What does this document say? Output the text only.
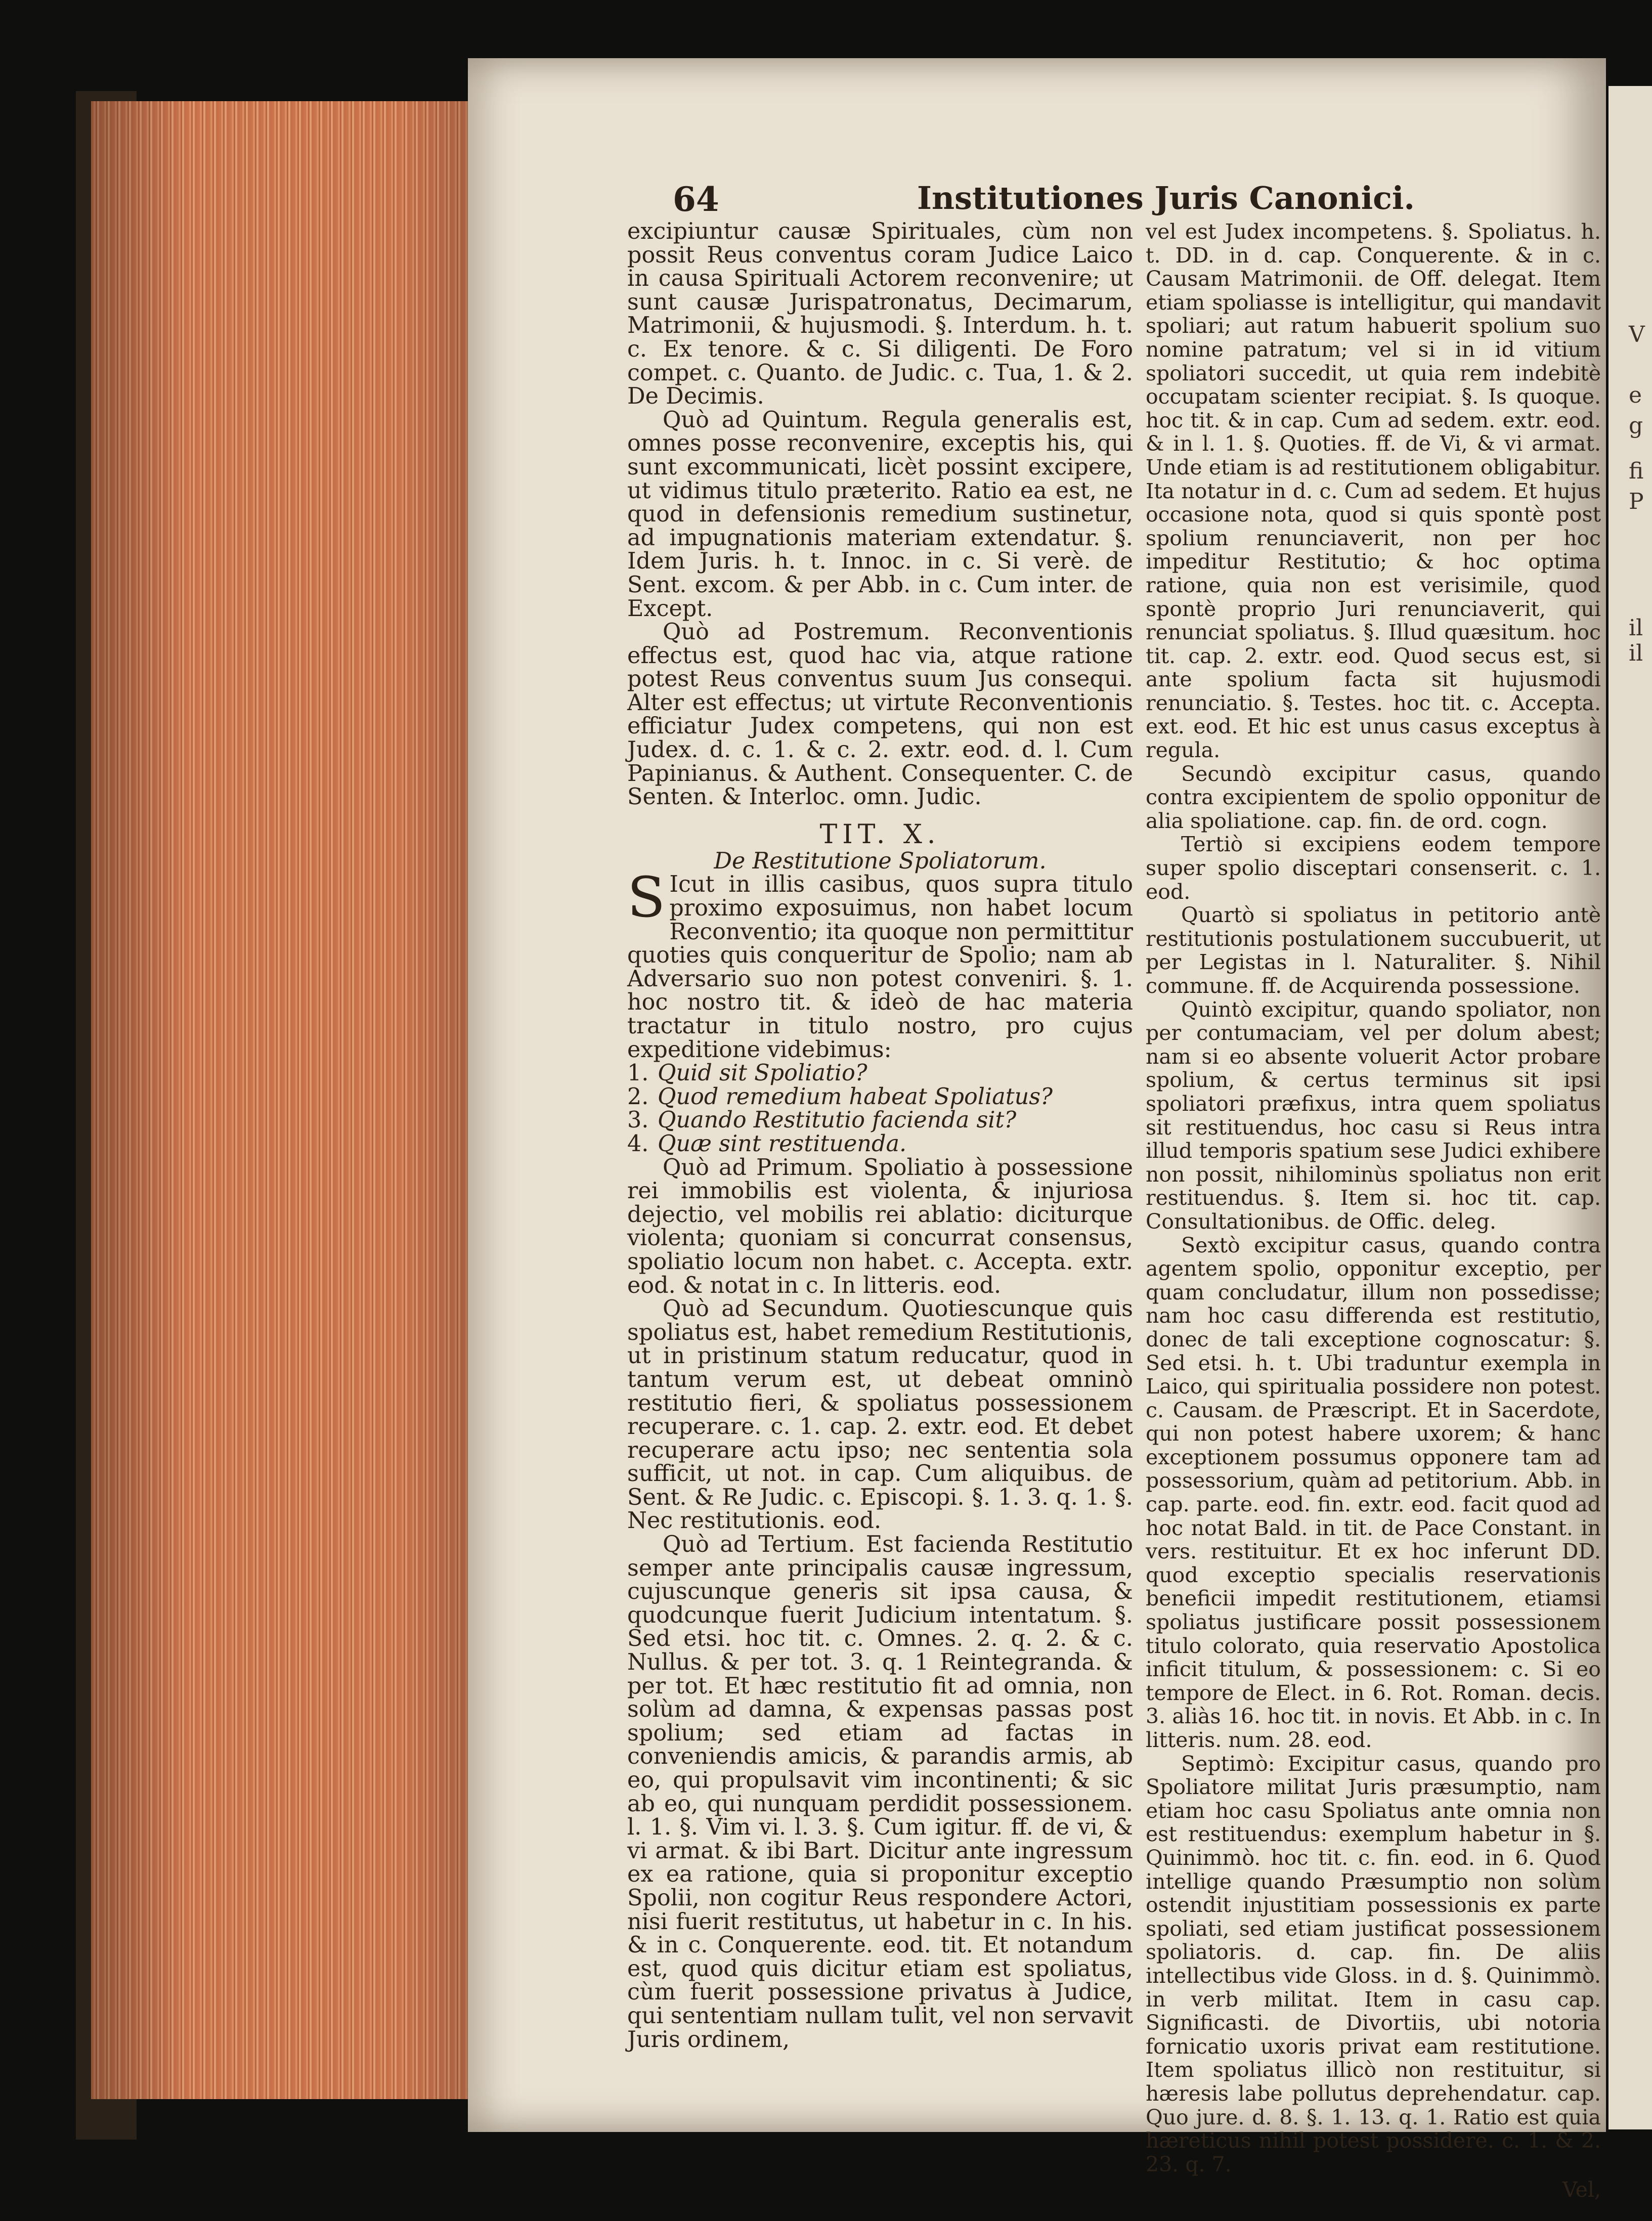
V
e
g
fi
P
il
il
64	Institutiones Juris Canonici.

excipiuntur causæ Spirituales, cùm non possit Reus conventus coram Judice Laico in causa Spirituali Actorem reconvenire; ut sunt causæ Jurispatronatus, Decimarum, Matrimonii, & hujusmodi. §. Interdum. h. t. c. Ex tenore. & c. Si diligenti. De Foro compet. c. Quanto. de Judic. c. Tua, 1. & 2. De Decimis.

Quò ad Quintum. Regula generalis est, omnes posse reconvenire, exceptis his, qui sunt excommunicati, licèt possint excipere, ut vidimus titulo præterito. Ratio ea est, ne quod in defensionis remedium sustinetur, ad impugnationis materiam extendatur. §. Idem Juris. h. t. Innoc. in c. Si verè. de Sent. excom. & per Abb. in c. Cum inter. de Except.

Quò ad Postremum. Reconventionis effectus est, quod hac via, atque ratione potest Reus conventus suum Jus consequi. Alter est effectus; ut virtute Reconventionis efficiatur Judex competens, qui non est Judex. d. c. 1. & c. 2. extr. eod. d. l. Cum Papinianus. & Authent. Consequenter. C. de Senten. & Interloc. omn. Judic.

TIT. X.

De Restitutione Spoliatorum.

S Icut in illis casibus, quos supra titulo proximo exposuimus, non habet locum Reconventio; ita quoque non permittitur quoties quis conqueritur de Spolio; nam ab Adversario suo non potest conveniri. §. 1. hoc nostro tit. & ideò de hac materia tractatur in titulo nostro, pro cujus expeditione videbimus:

1. Quid sit Spoliatio?
2. Quod remedium habeat Spoliatus?
3. Quando Restitutio facienda sit?
4. Quæ sint restituenda.

Quò ad Primum. Spoliatio à possessione rei immobilis est violenta, & injuriosa dejectio, vel mobilis rei ablatio: diciturque violenta; quoniam si concurrat consensus, spoliatio locum non habet. c. Accepta. extr. eod. & notat in c. In litteris. eod.

Quò ad Secundum. Quotiescunque quis spoliatus est, habet remedium Restitutionis, ut in pristinum statum reducatur, quod in tantum verum est, ut debeat omninò restitutio fieri, & spoliatus possessionem recuperare. c. 1. cap. 2. extr. eod. Et debet recuperare actu ipso; nec sententia sola sufficit, ut not. in cap. Cum aliquibus. de Sent. & Re Judic. c. Episcopi. §. 1. 3. q. 1. §. Nec restitutionis. eod.

Quò ad Tertium. Est facienda Restitutio semper ante principalis causæ ingressum, cujuscunque generis sit ipsa causa, & quodcunque fuerit Judicium intentatum. §. Sed etsi. hoc tit. c. Omnes. 2. q. 2. & c. Nullus. & per tot. 3. q. 1 Reintegranda. & per tot. Et hæc restitutio fit ad omnia, non solùm ad damna, & expensas passas post spolium; sed etiam ad factas in conveniendis amicis, & parandis armis, ab eo, qui propulsavit vim incontinenti; & sic ab eo, qui nunquam perdidit possessionem. l. 1. §. Vim vi. l. 3. §. Cum igitur. ff. de vi, & vi armat. & ibi Bart. Dicitur ante ingressum ex ea ratione, quia si proponitur exceptio Spolii, non cogitur Reus respondere Actori, nisi fuerit restitutus, ut habetur in c. In his. & in c. Conquerente. eod. tit. Et notandum est, quod quis dicitur etiam est spoliatus, cùm fuerit possessione privatus à Judice, qui sententiam nullam tulit, vel non servavit Juris ordinem,

vel est Judex incompetens. §. Spoliatus. h. t. DD. in d. cap. Conquerente. & in c. Causam Matrimonii. de Off. delegat. Item etiam spoliasse is intelligitur, qui mandavit spoliari; aut ratum habuerit spolium suo nomine patratum; vel si in id vitium spoliatori succedit, ut quia rem indebitè occupatam scienter recipiat. §. Is quoque. hoc tit. & in cap. Cum ad sedem. extr. eod. & in l. 1. §. Quoties. ff. de Vi, & vi armat. Unde etiam is ad restitutionem obligabitur. Ita notatur in d. c. Cum ad sedem. Et hujus occasione nota, quod si quis spontè post spolium renunciaverit, non per hoc impeditur Restitutio; & hoc optima ratione, quia non est verisimile, quod spontè proprio Juri renunciaverit, qui renunciat spoliatus. §. Illud quæsitum. hoc tit. cap. 2. extr. eod. Quod secus est, si ante spolium facta sit hujusmodi renunciatio. §. Testes. hoc tit. c. Accepta. ext. eod. Et hic est unus casus exceptus à regula.

Secundò excipitur casus, quando contra excipientem de spolio opponitur de alia spoliatione. cap. fin. de ord. cogn.

Tertiò si excipiens eodem tempore super spolio disceptari consenserit. c. 1. eod.

Quartò si spoliatus in petitorio antè restitutionis postulationem succubuerit, ut per Legistas in l. Naturaliter. §. Nihil commune. ff. de Acquirenda possessione.

Quintò excipitur, quando spoliator, non per contumaciam, vel per dolum abest; nam si eo absente voluerit Actor probare spolium, & certus terminus sit ipsi spoliatori præfixus, intra quem spoliatus sit restituendus, hoc casu si Reus intra illud temporis spatium sese Judici exhibere non possit, nihilominùs spoliatus non erit restituendus. §. Item si. hoc tit. cap. Consultationibus. de Offic. deleg.

Sextò excipitur casus, quando contra agentem spolio, opponitur exceptio, per quam concludatur, illum non possedisse; nam hoc casu differenda est restitutio, donec de tali exceptione cognoscatur: §. Sed etsi. h. t. Ubi traduntur exempla in Laico, qui spiritualia possidere non potest. c. Causam. de Præscript. Et in Sacerdote, qui non potest habere uxorem; & hanc exceptionem possumus opponere tam ad possessorium, quàm ad petitorium. Abb. in cap. parte. eod. fin. extr. eod. facit quod ad hoc notat Bald. in tit. de Pace Constant. in vers. restituitur. Et ex hoc inferunt DD. quod exceptio specialis reservationis beneficii impedit restitutionem, etiamsi spoliatus justificare possit possessionem titulo colorato, quia reservatio Apostolica inficit titulum, & possessionem: c. Si eo tempore de Elect. in 6. Rot. Roman. decis. 3. aliàs 16. hoc tit. in novis. Et Abb. in c. In litteris. num. 28. eod.

Septimò: Excipitur casus, quando pro Spoliatore militat Juris præsumptio, nam etiam hoc casu Spoliatus ante omnia non est restituendus: exemplum habetur in §. Quinimmò. hoc tit. c. fin. eod. in 6. Quod intellige quando Præsumptio non solùm ostendit injustitiam possessionis ex parte spoliati, sed etiam justificat possessionem spoliatoris. d. cap. fin. De aliis intellectibus vide Gloss. in d. §. Quinimmò. in verb militat. Item in casu cap. Significasti. de Divortiis, ubi notoria fornicatio uxoris privat eam restitutione. Item spoliatus illicò non restituitur, si hæresis labe pollutus deprehendatur. cap. Quo jure. d. 8. §. 1. 13. q. 1. Ratio est quia hæreticus nihil potest possidere. c. 1. & 2. 23. q. 7.

Vel,
